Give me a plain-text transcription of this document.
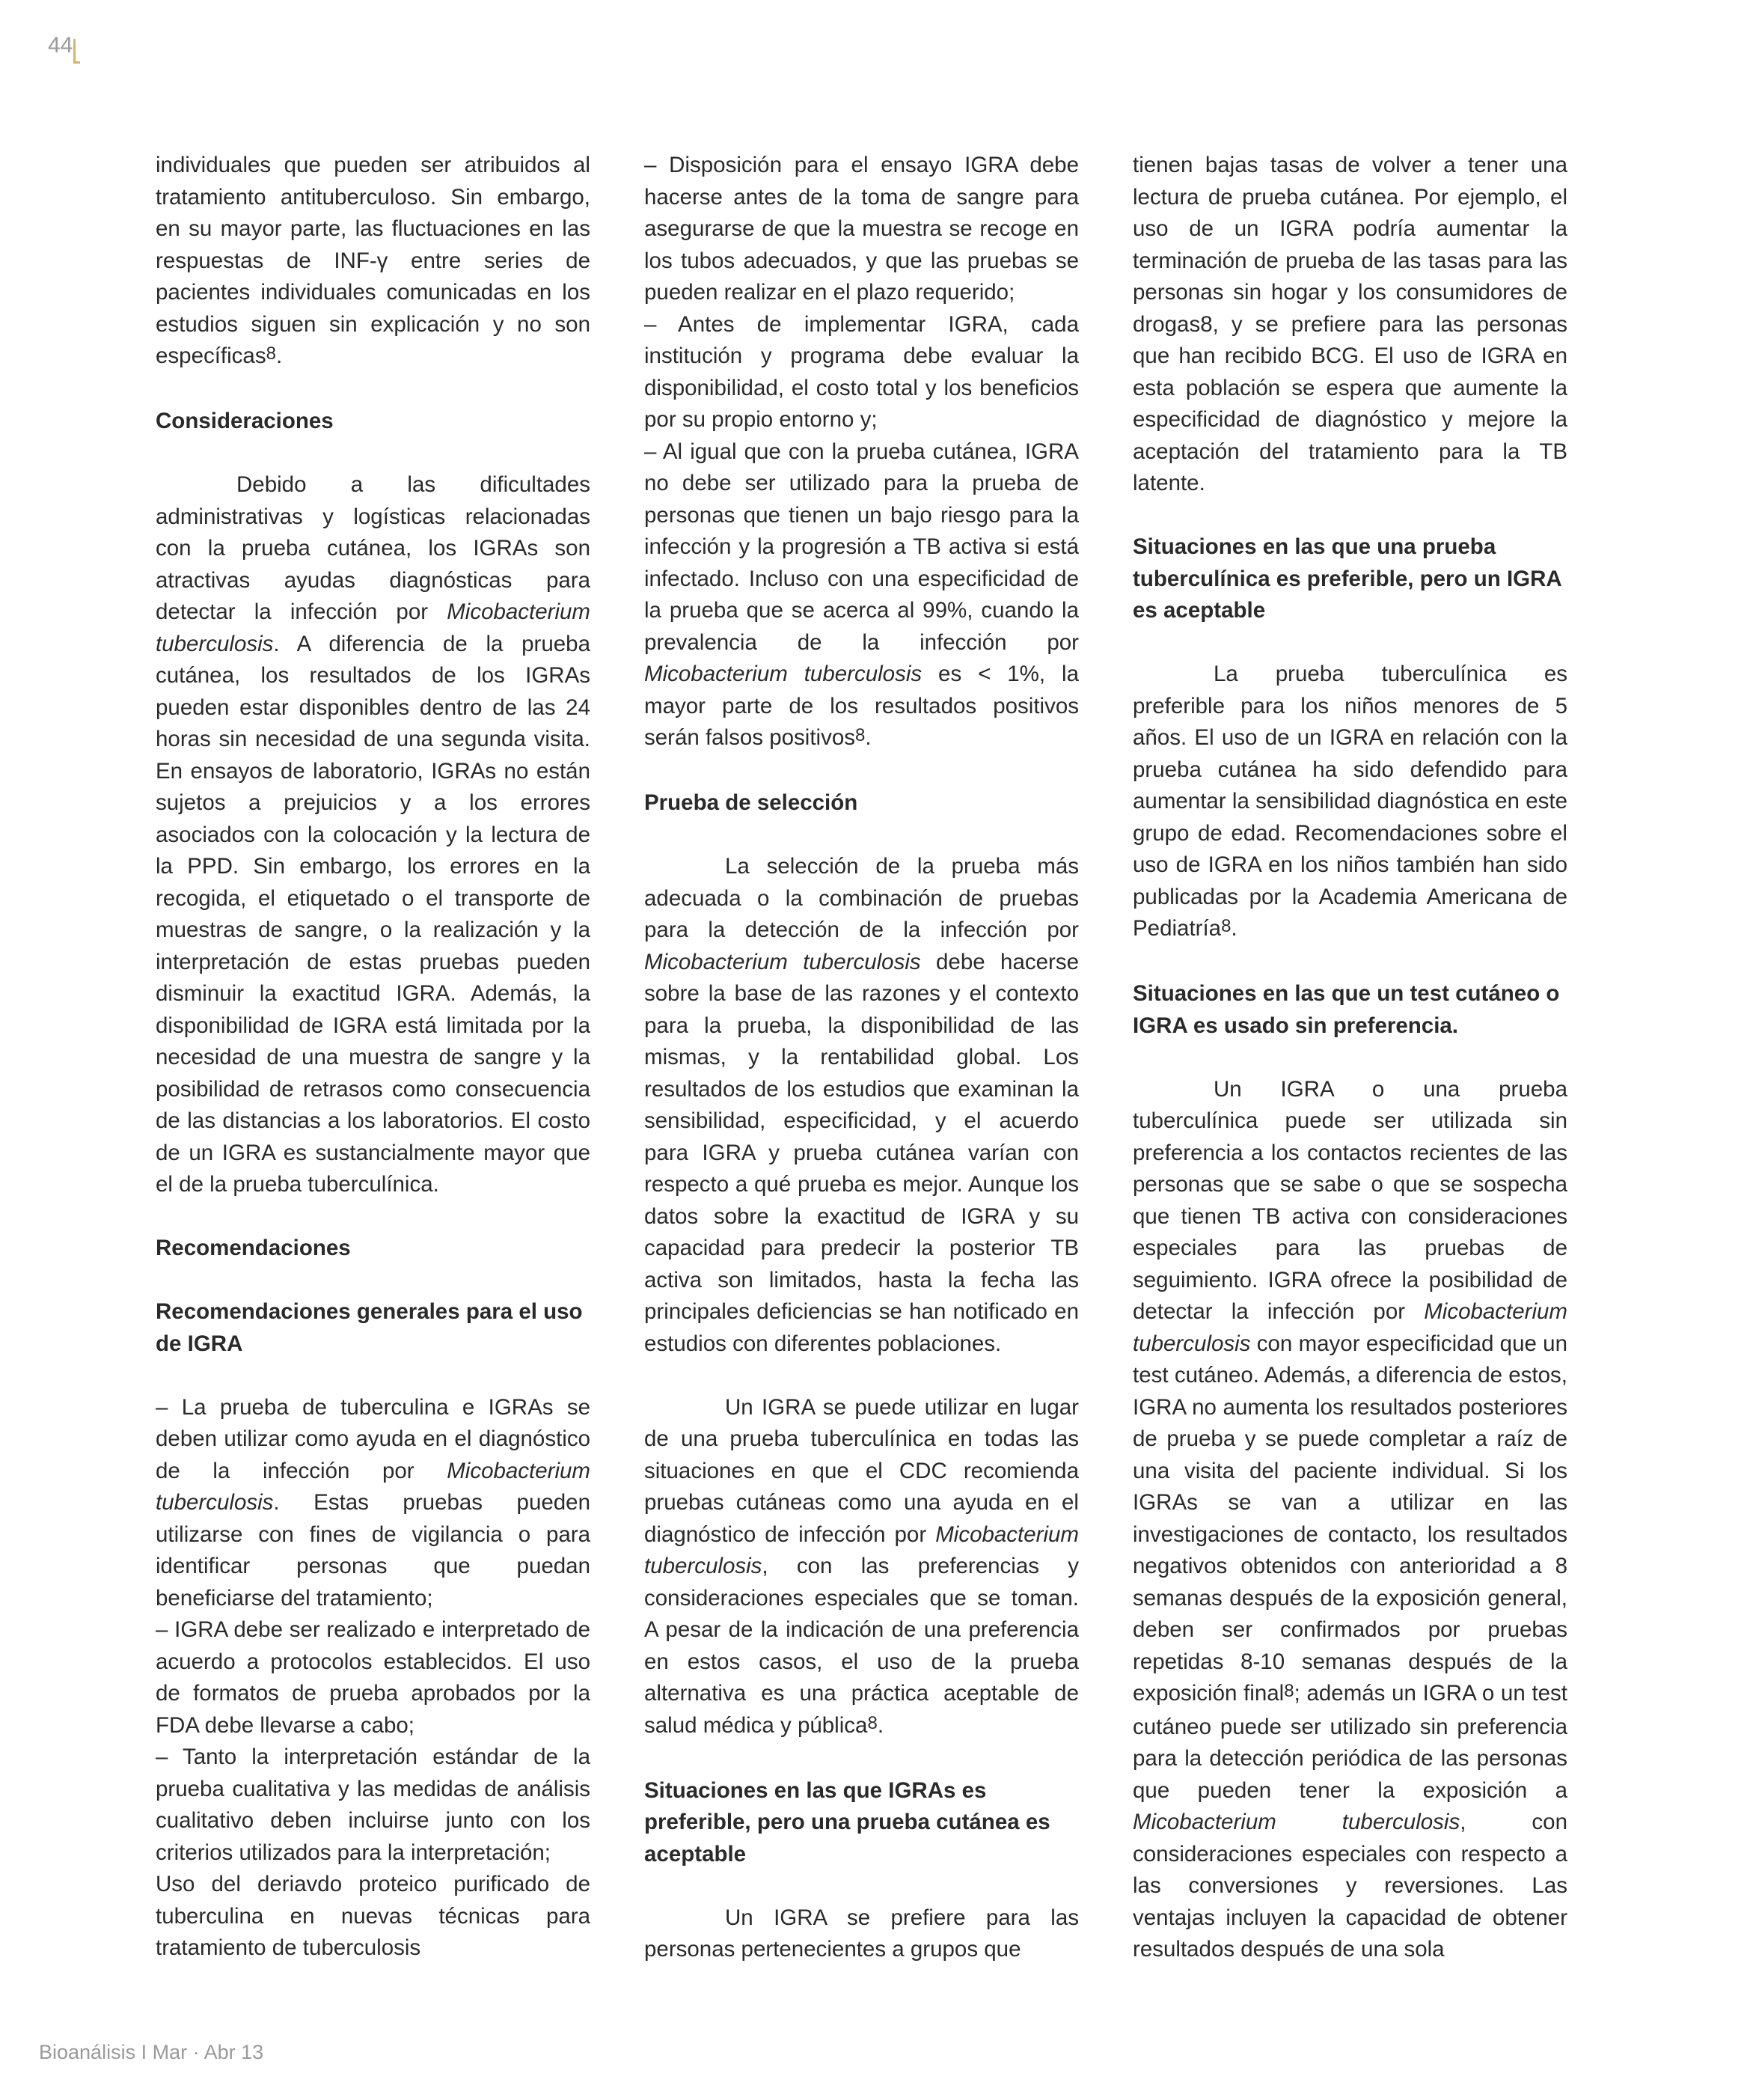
44

individuales que pueden ser atribuidos al tratamiento antituberculoso. Sin embargo, en su mayor parte, las fluctuaciones en las respuestas de INF-γ entre series de pacientes individuales comunicadas en los estudios siguen sin explicación y no son específicas$^8$.

Consideraciones

Debido a las dificultades administrativas y logísticas relacionadas con la prueba cutánea, los IGRAs son atractivas ayudas diagnósticas para detectar la infección por Micobacterium tuberculosis. A diferencia de la prueba cutánea, los resultados de los IGRAs pueden estar disponibles dentro de las 24 horas sin necesidad de una segunda visita. En ensayos de laboratorio, IGRAs no están sujetos a prejuicios y a los errores asociados con la colocación y la lectura de la PPD. Sin embargo, los errores en la recogida, el etiquetado o el transporte de muestras de sangre, o la realización y la interpretación de estas pruebas pueden disminuir la exactitud IGRA. Además, la disponibilidad de IGRA está limitada por la necesidad de una muestra de sangre y la posibilidad de retrasos como consecuencia de las distancias a los laboratorios. El costo de un IGRA es sustancialmente mayor que el de la prueba tuberculínica.

Recomendaciones
Recomendaciones generales para el uso de IGRA

– La prueba de tuberculina e IGRAs se deben utilizar como ayuda en el diagnóstico de la infección por Micobacterium tuberculosis. Estas pruebas pueden utilizarse con fines de vigilancia o para identificar personas que puedan beneficiarse del tratamiento;

– IGRA debe ser realizado e interpretado de acuerdo a protocolos establecidos. El uso de formatos de prueba aprobados por la FDA debe llevarse a cabo;

– Tanto la interpretación estándar de la prueba cualitativa y las medidas de análisis cualitativo deben incluirse junto con los criterios utilizados para la interpretación;

Uso del deriavdo proteico purificado de tuberculina en nuevas técnicas para tratamiento de tuberculosis

– Disposición para el ensayo IGRA debe hacerse antes de la toma de sangre para asegurarse de que la muestra se recoge en los tubos adecuados, y que las pruebas se pueden realizar en el plazo requerido;

– Antes de implementar IGRA, cada institución y programa debe evaluar la disponibilidad, el costo total y los beneficios por su propio entorno y;

– Al igual que con la prueba cutánea, IGRA no debe ser utilizado para la prueba de personas que tienen un bajo riesgo para la infección y la progresión a TB activa si está infectado. Incluso con una especificidad de la prueba que se acerca al 99%, cuando la prevalencia de la infección por Micobacterium tuberculosis es < 1%, la mayor parte de los resultados positivos serán falsos positivos$^8$.

Prueba de selección

La selección de la prueba más adecuada o la combinación de pruebas para la detección de la infección por Micobacterium tuberculosis debe hacerse sobre la base de las razones y el contexto para la prueba, la disponibilidad de las mismas, y la rentabilidad global. Los resultados de los estudios que examinan la sensibilidad, especificidad, y el acuerdo para IGRA y prueba cutánea varían con respecto a qué prueba es mejor. Aunque los datos sobre la exactitud de IGRA y su capacidad para predecir la posterior TB activa son limitados, hasta la fecha las principales deficiencias se han notificado en estudios con diferentes poblaciones.

Un IGRA se puede utilizar en lugar de una prueba tuberculínica en todas las situaciones en que el CDC recomienda pruebas cutáneas como una ayuda en el diagnóstico de infección por Micobacterium tuberculosis, con las preferencias y consideraciones especiales que se toman. A pesar de la indicación de una preferencia en estos casos, el uso de la prueba alternativa es una práctica aceptable de salud médica y pública$^8$.

Situaciones en las que IGRAs es preferible, pero una prueba cutánea es aceptable

Un IGRA se prefiere para las personas pertenecientes a grupos que

tienen bajas tasas de volver a tener una lectura de prueba cutánea. Por ejemplo, el uso de un IGRA podría aumentar la terminación de prueba de las tasas para las personas sin hogar y los consumidores de drogas8, y se prefiere para las personas que han recibido BCG. El uso de IGRA en esta población se espera que aumente la especificidad de diagnóstico y mejore la aceptación del tratamiento para la TB latente.

Situaciones en las que una prueba tuberculínica es preferible, pero un IGRA es aceptable

La prueba tuberculínica es preferible para los niños menores de 5 años. El uso de un IGRA en relación con la prueba cutánea ha sido defendido para aumentar la sensibilidad diagnóstica en este grupo de edad. Recomendaciones sobre el uso de IGRA en los niños también han sido publicadas por la Academia Americana de Pediatría$^8$.

Situaciones en las que un test cutáneo o IGRA es usado sin preferencia.

Un IGRA o una prueba tuberculínica puede ser utilizada sin preferencia a los contactos recientes de las personas que se sabe o que se sospecha que tienen TB activa con consideraciones especiales para las pruebas de seguimiento. IGRA ofrece la posibilidad de detectar la infección por Micobacterium tuberculosis con mayor especificidad que un test cutáneo. Además, a diferencia de estos, IGRA no aumenta los resultados posteriores de prueba y se puede completar a raíz de una visita del paciente individual. Si los IGRAs se van a utilizar en las investigaciones de contacto, los resultados negativos obtenidos con anterioridad a 8 semanas después de la exposición general, deben ser confirmados por pruebas repetidas 8-10 semanas después de la exposición final$^8$; además un IGRA o un test cutáneo puede ser utilizado sin preferencia para la detección periódica de las personas que pueden tener la exposición a Micobacterium tuberculosis, con consideraciones especiales con respecto a las conversiones y reversiones. Las ventajas incluyen la capacidad de obtener resultados después de una sola

Bioanálisis I Mar · Abr 13
